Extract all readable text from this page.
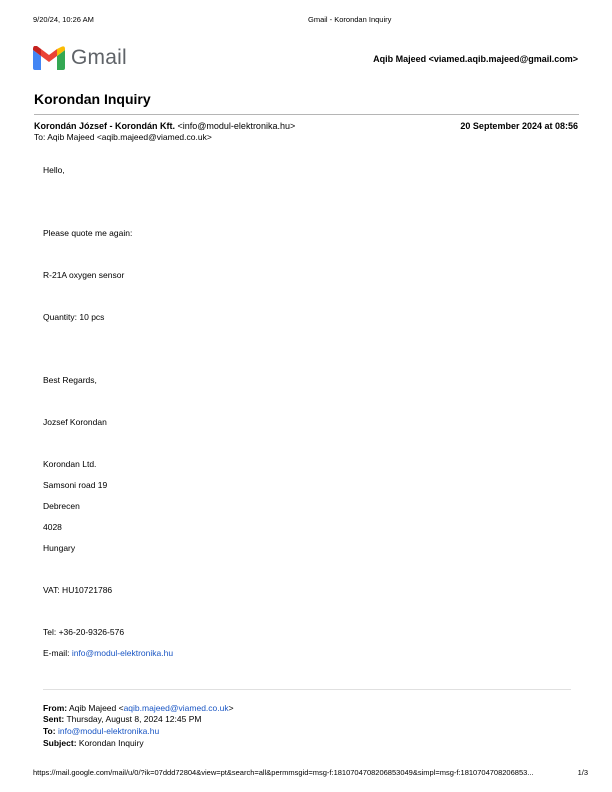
9/20/24, 10:26 AM	Gmail - Korondan Inquiry
Gmail	Aqib Majeed <viamed.aqib.majeed@gmail.com>
Korondan Inquiry
Korondán József - Korondán Kft. <info@modul-elektronika.hu>	20 September 2024 at 08:56
To: Aqib Majeed <aqib.majeed@viamed.co.uk>
Hello,
Please quote me again:
R-21A oxygen sensor
Quantity: 10 pcs
Best Regards,
Jozsef Korondan
Korondan Ltd.
Samsoni road 19
Debrecen
4028
Hungary
VAT: HU10721786
Tel: +36-20-9326-576
E-mail: info@modul-elektronika.hu
From: Aqib Majeed <aqib.majeed@viamed.co.uk>
Sent: Thursday, August 8, 2024 12:45 PM
To: info@modul-elektronika.hu
Subject: Korondan Inquiry
https://mail.google.com/mail/u/0/?ik=07ddd72804&view=pt&search=all&permmsgid=msg-f:1810704708206853049&simpl=msg-f:1810704708206853...	1/3
